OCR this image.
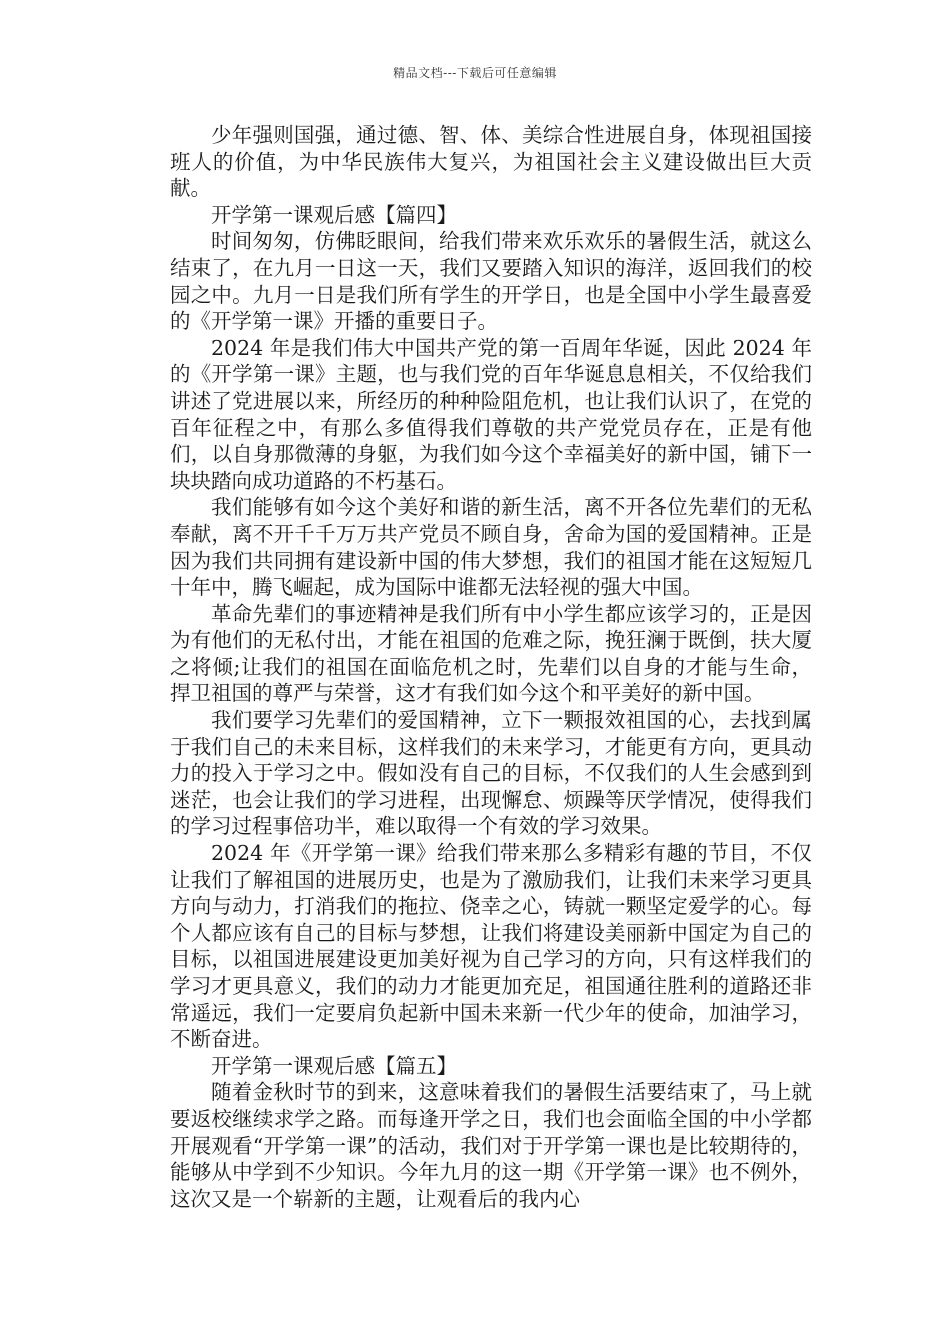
精品文档---下载后可任意编辑

少年强则国强，通过德、智、体、美综合性进展自身，体现祖国接班人的价值，为中华民族伟大复兴，为祖国社会主义建设做出巨大贡献。

开学第一课观后感【篇四】

时间匆匆，仿佛眨眼间，给我们带来欢乐欢乐的暑假生活，就这么结束了，在九月一日这一天，我们又要踏入知识的海洋，返回我们的校园之中。九月一日是我们所有学生的开学日，也是全国中小学生最喜爱的《开学第一课》开播的重要日子。

2024 年是我们伟大中国共产党的第一百周年华诞，因此 2024 年的《开学第一课》主题，也与我们党的百年华诞息息相关，不仅给我们讲述了党进展以来，所经历的种种险阻危机，也让我们认识了，在党的百年征程之中，有那么多值得我们尊敬的共产党党员存在，正是有他们，以自身那微薄的身躯，为我们如今这个幸福美好的新中国，铺下一块块踏向成功道路的不朽基石。

我们能够有如今这个美好和谐的新生活，离不开各位先辈们的无私奉献，离不开千千万万共产党员不顾自身，舍命为国的爱国精神。正是因为我们共同拥有建设新中国的伟大梦想，我们的祖国才能在这短短几十年中，腾飞崛起，成为国际中谁都无法轻视的强大中国。

革命先辈们的事迹精神是我们所有中小学生都应该学习的，正是因为有他们的无私付出，才能在祖国的危难之际，挽狂澜于既倒，扶大厦之将倾;让我们的祖国在面临危机之时，先辈们以自身的才能与生命，捍卫祖国的尊严与荣誉，这才有我们如今这个和平美好的新中国。

我们要学习先辈们的爱国精神，立下一颗报效祖国的心，去找到属于我们自己的未来目标，这样我们的未来学习，才能更有方向，更具动力的投入于学习之中。假如没有自己的目标，不仅我们的人生会感到到迷茫，也会让我们的学习进程，出现懈怠、烦躁等厌学情况，使得我们的学习过程事倍功半，难以取得一个有效的学习效果。

2024 年《开学第一课》给我们带来那么多精彩有趣的节目，不仅让我们了解祖国的进展历史，也是为了激励我们，让我们未来学习更具方向与动力，打消我们的拖拉、侥幸之心，铸就一颗坚定爱学的心。每个人都应该有自己的目标与梦想，让我们将建设美丽新中国定为自己的目标，以祖国进展建设更加美好视为自己学习的方向，只有这样我们的学习才更具意义，我们的动力才能更加充足，祖国通往胜利的道路还非常遥远，我们一定要肩负起新中国未来新一代少年的使命，加油学习，不断奋进。

开学第一课观后感【篇五】

随着金秋时节的到来，这意味着我们的暑假生活要结束了，马上就要返校继续求学之路。而每逢开学之日，我们也会面临全国的中小学都开展观看“开学第一课”的活动，我们对于开学第一课也是比较期待的，能够从中学到不少知识。今年九月的这一期《开学第一课》也不例外，这次又是一个崭新的主题，让观看后的我内心
